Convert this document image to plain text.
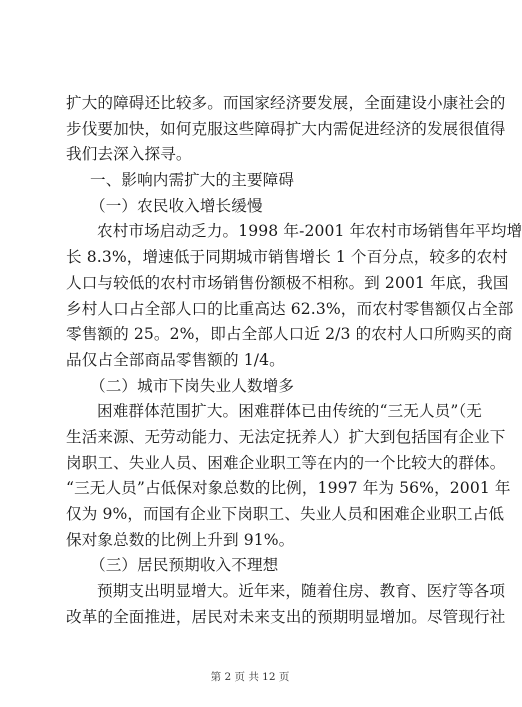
扩大的障碍还比较多。而国家经济要发展，全面建设小康社会的
步伐要加快，如何克服这些障碍扩大内需促进经济的发展很值得
我们去深入探寻。
一、影响内需扩大的主要障碍
（一）农民收入增长缓慢
农村市场启动乏力。1998 年-2001 年农村市场销售年平均增
长 8.3%，增速低于同期城市销售增长 1 个百分点，较多的农村
人口与较低的农村市场销售份额极不相称。到 2001 年底，我国
乡村人口占全部人口的比重高达 62.3%，而农村零售额仅占全部
零售额的 25。2%，即占全部人口近 2/3 的农村人口所购买的商
品仅占全部商品零售额的 1/4。
（二）城市下岗失业人数增多
困难群体范围扩大。困难群体已由传统的“三无人员”（无
生活来源、无劳动能力、无法定抚养人）扩大到包括国有企业下
岗职工、失业人员、困难企业职工等在内的一个比较大的群体。
“三无人员”占低保对象总数的比例，1997 年为 56%，2001 年
仅为 9%，而国有企业下岗职工、失业人员和困难企业职工占低
保对象总数的比例上升到 91%。
（三）居民预期收入不理想
预期支出明显增大。近年来，随着住房、教育、医疗等各项
改革的全面推进，居民对未来支出的预期明显增加。尽管现行社
第 2 页 共 12 页
